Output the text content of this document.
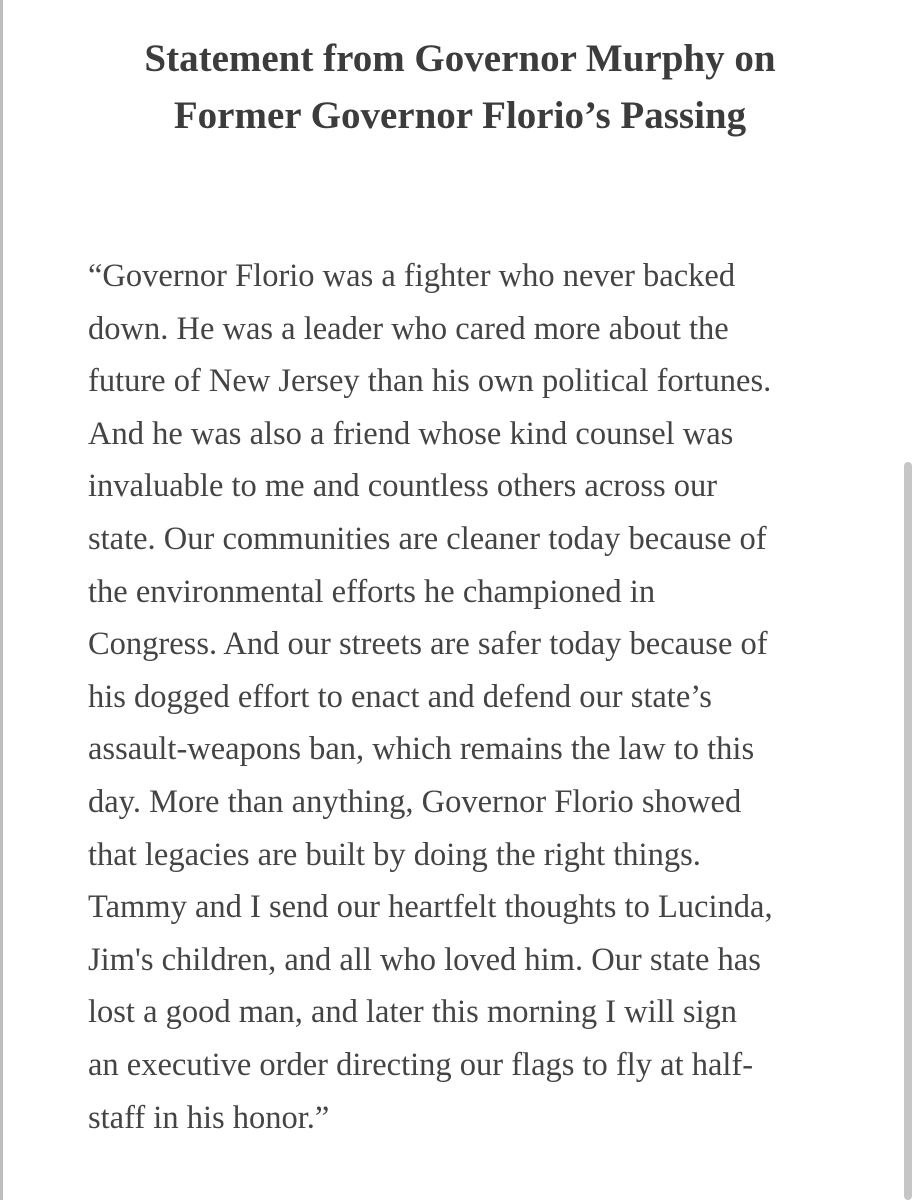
Statement from Governor Murphy on
Former Governor Florio’s Passing
“Governor Florio was a fighter who never backed
down. He was a leader who cared more about the
future of New Jersey than his own political fortunes.
And he was also a friend whose kind counsel was
invaluable to me and countless others across our
state. Our communities are cleaner today because of
the environmental efforts he championed in
Congress. And our streets are safer today because of
his dogged effort to enact and defend our state’s
assault-weapons ban, which remains the law to this
day. More than anything, Governor Florio showed
that legacies are built by doing the right things.
Tammy and I send our heartfelt thoughts to Lucinda,
Jim's children, and all who loved him. Our state has
lost a good man, and later this morning I will sign
an executive order directing our flags to fly at half-
staff in his honor.”
